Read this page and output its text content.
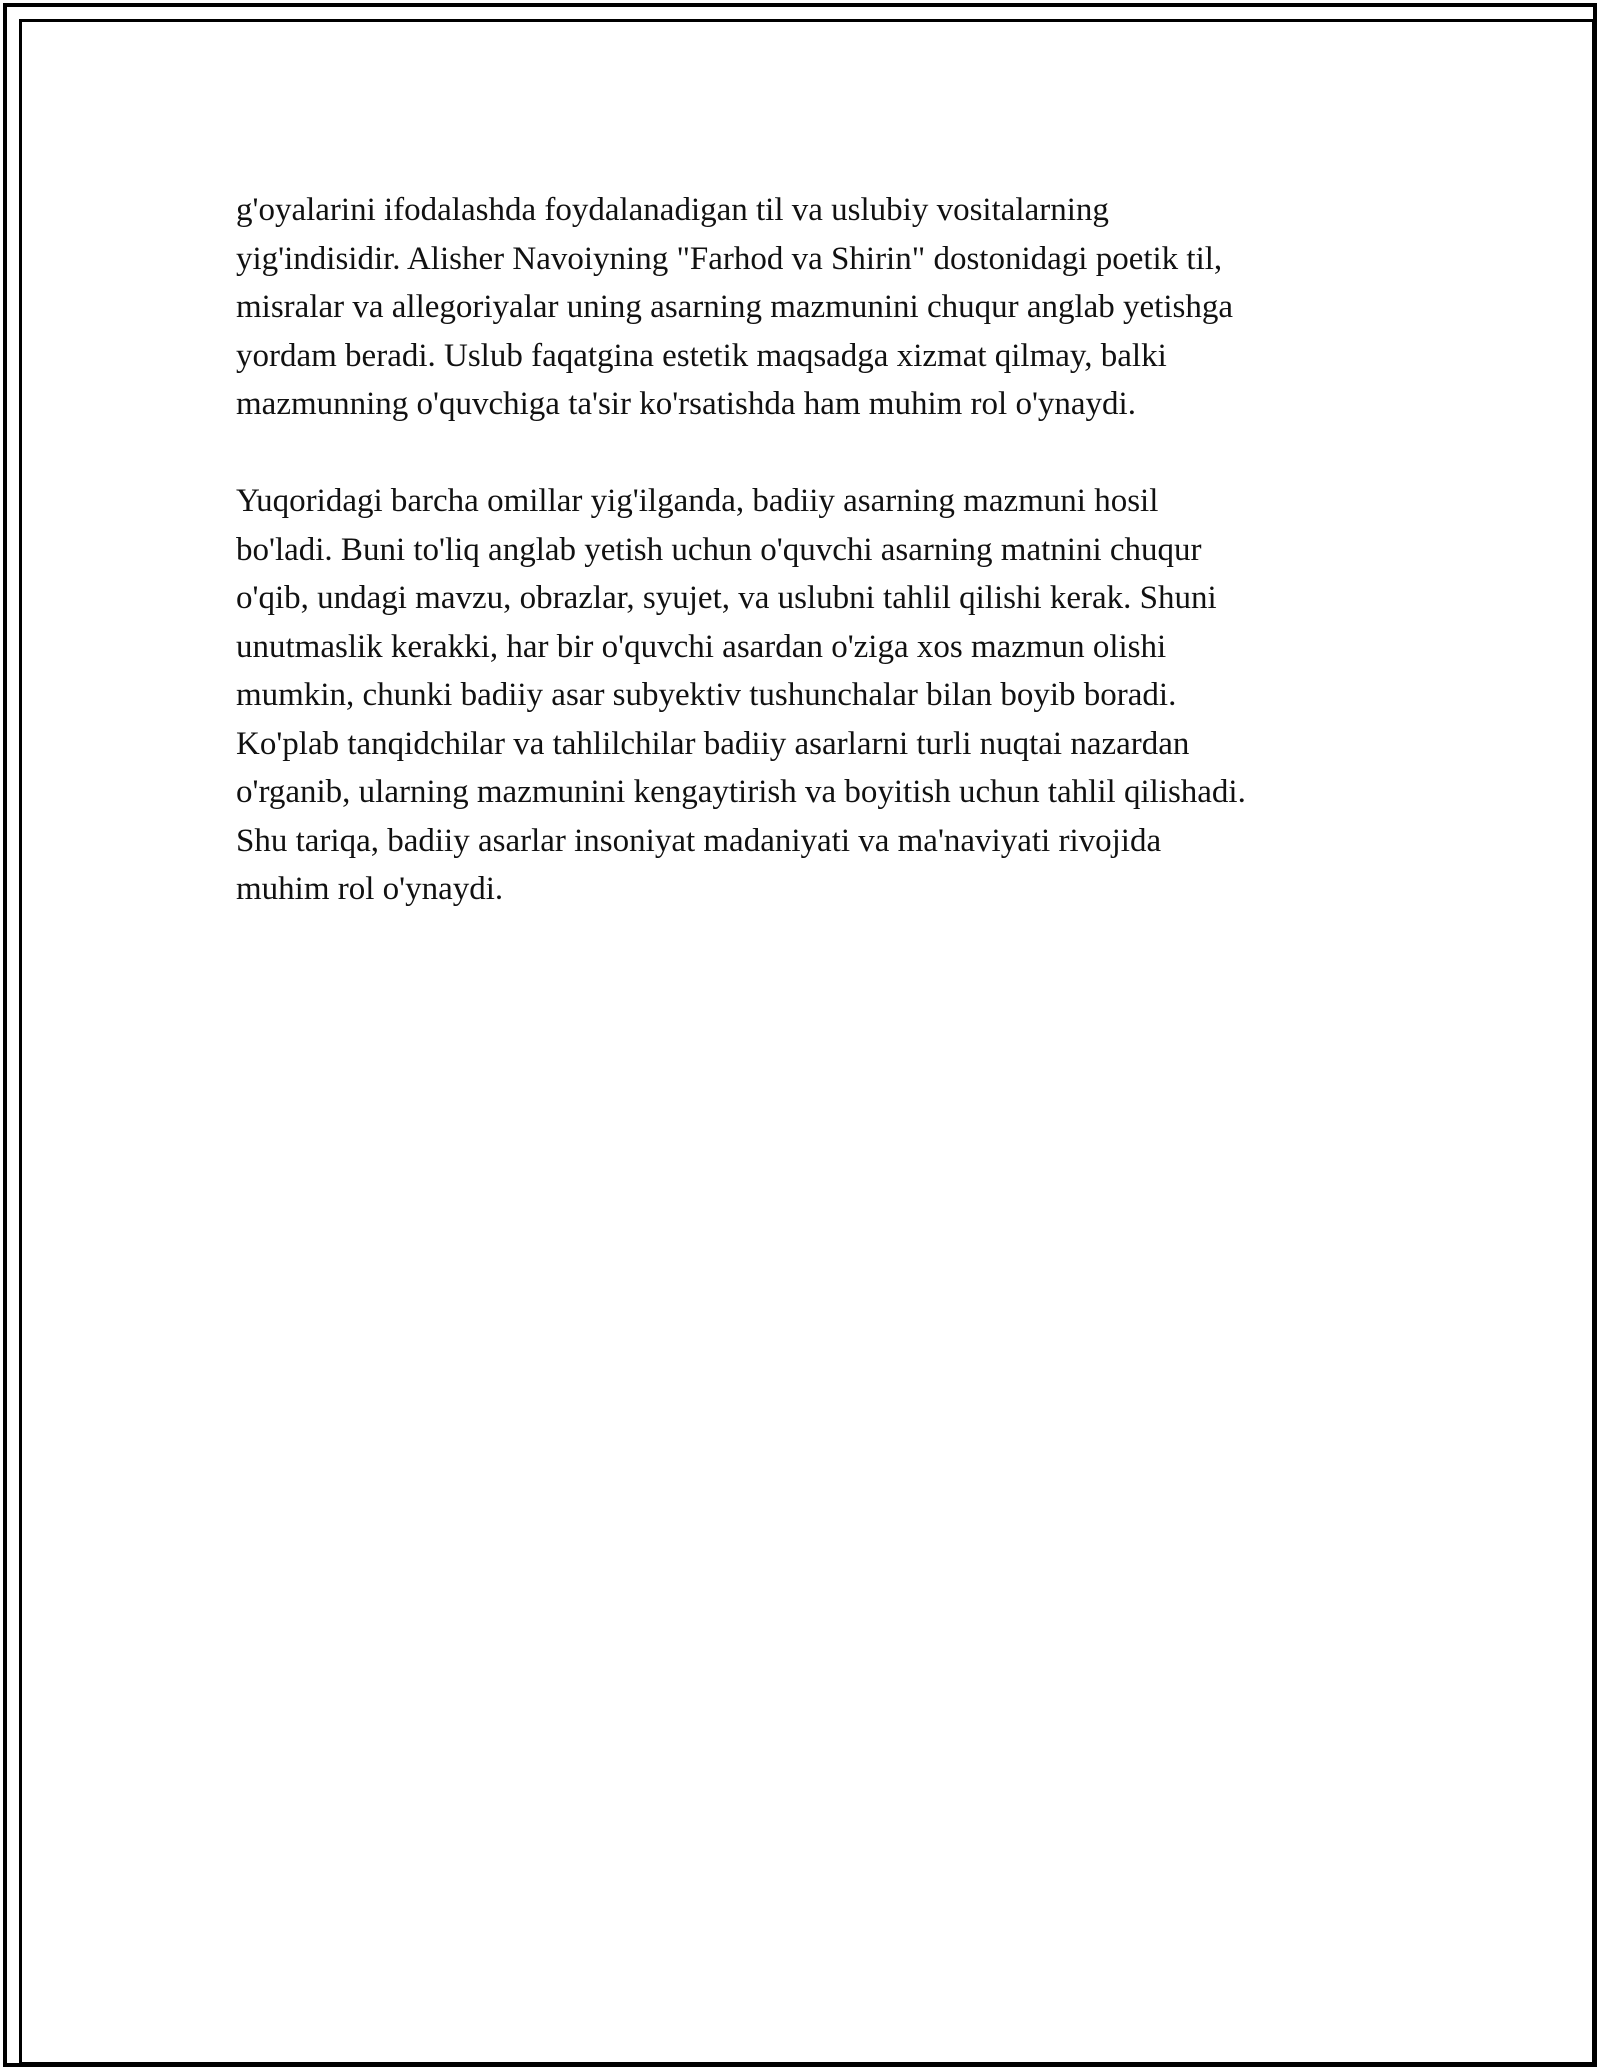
g'oyalarini ifodalashda foydalanadigan til va uslubiy vositalarning
yig'indisidir. Alisher Navoiyning "Farhod va Shirin" dostonidagi poetik til,
misralar va allegoriyalar uning asarning mazmunini chuqur anglab yetishga
yordam beradi. Uslub faqatgina estetik maqsadga xizmat qilmay, balki
mazmunning o'quvchiga ta'sir ko'rsatishda ham muhim rol o'ynaydi.
Yuqoridagi barcha omillar yig'ilganda, badiiy asarning mazmuni hosil
bo'ladi. Buni to'liq anglab yetish uchun o'quvchi asarning matnini chuqur
o'qib, undagi mavzu, obrazlar, syujet, va uslubni tahlil qilishi kerak. Shuni
unutmaslik kerakki, har bir o'quvchi asardan o'ziga xos mazmun olishi
mumkin, chunki badiiy asar subyektiv tushunchalar bilan boyib boradi.
Ko'plab tanqidchilar va tahlilchilar badiiy asarlarni turli nuqtai nazardan
o'rganib, ularning mazmunini kengaytirish va boyitish uchun tahlil qilishadi.
Shu tariqa, badiiy asarlar insoniyat madaniyati va ma'naviyati rivojida
muhim rol o'ynaydi.
